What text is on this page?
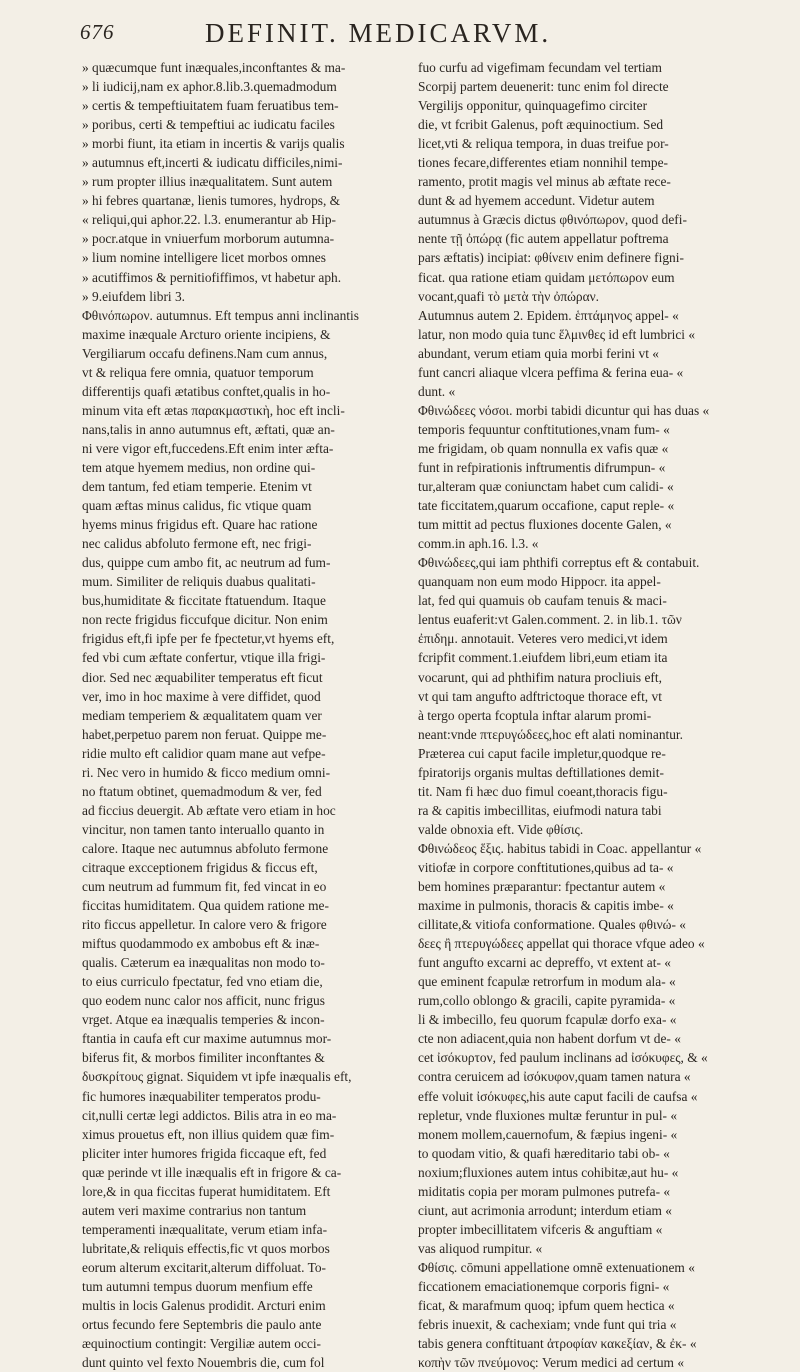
676	DEFINIT. MEDICARVM.
» quæcumque funt inæquales,inconftantes & ma-
» li iudicij,nam ex aphor.8.lib.3.quemadmodum
» certis & tempeftiuitatem fuam feruatibus tem-
» poribus, certi & tempeftiui ac iudicatu faciles
» morbi fiunt, ita etiam in incertis & varijs qualis
» autumnus eft,incerti & iudicatu difficiles,nimi-
» rum propter illius inæqualitatem. Sunt autem
» hi febres quartanæ, lienis tumores, hydrops, &
« reliqui,qui aphor.22. l.3. enumerantur ab Hip-
» pocr.atque in vniuerfum morborum autumna-
» lium nomine intelligere licet morbos omnes
» acutiffimos & pernitiofiffimos, vt habetur aph.
» 9.eiufdem libri 3.
Φθινόπωρον. autumnus. Eft tempus anni inclinantis
maxime inæquale Arcturo oriente incipiens, &
Vergiliarum occafu definens.Nam cum annus,
vt & reliqua fere omnia, quatuor temporum
differentijs quafi ætatibus conftet,qualis in ho-
minum vita eft ætas παρακμαστικὴ, hoc eft incli-
nans,talis in anno autumnus eft, æftati, quæ an-
ni vere vigor eft,fuccedens.Eft enim inter æfta-
tem atque hyemem medius, non ordine qui-
dem tantum, fed etiam temperie. Etenim vt
quam æftas minus calidus, fic vtique quam
hyems minus frigidus eft. Quare hac ratione
nec calidus abfoluto fermone eft, nec frigi-
dus, quippe cum ambo fit, ac neutrum ad fum-
mum. Similiter de reliquis duabus qualitati-
bus,humiditate & ficcitate ftatuendum. Itaque
non recte frigidus ficcufque dicitur. Non enim
frigidus eft,fi ipfe per fe fpectetur,vt hyems eft,
fed vbi cum æftate confertur, vtique illa frigi-
dior. Sed nec æquabiliter temperatus eft ficut
ver, imo in hoc maxime à vere diffidet, quod
mediam temperiem & æqualitatem quam ver
habet,perpetuo parem non feruat. Quippe me-
ridie multo eft calidior quam mane aut vefpe-
ri. Nec vero in humido & ficco medium omni-
no ftatum obtinet, quemadmodum & ver, fed
ad ficcius deuergit. Ab æftate vero etiam in hoc
vincitur, non tamen tanto interuallo quanto in
calore. Itaque nec autumnus abfoluto fermone
citraque excceptionem frigidus & ficcus eft,
cum neutrum ad fummum fit, fed vincat in eo
ficcitas humiditatem. Qua quidem ratione me-
rito ficcus appelletur. In calore vero & frigore
miftus quodammodo ex ambobus eft & inæ-
qualis. Cæterum ea inæqualitas non modo to-
to eius curriculo fpectatur, fed vno etiam die,
quo eodem nunc calor nos afficit, nunc frigus
vrget. Atque ea inæqualis temperies & incon-
ftantia in caufa eft cur maxime autumnus mor-
biferus fit, & morbos fimiliter inconftantes &
δυσκρίτους gignat. Siquidem vt ipfe inæqualis eft,
fic humores inæquabiliter temperatos produ-
cit,nulli certæ legi addictos. Bilis atra in eo ma-
ximus prouetus eft, non illius quidem quæ fim-
pliciter inter humores frigida ficcaque eft, fed
quæ perinde vt ille inæqualis eft in frigore & ca-
lore,& in qua ficcitas fuperat humiditatem. Eft
autem veri maxime contrarius non tantum
temperamenti inæqualitate, verum etiam infa-
lubritate,& reliquis effectis,fic vt quos morbos
eorum alterum excitarit,alterum diffoluat. To-
tum autumni tempus duorum menfium effe
multis in locis Galenus prodidit. Arcturi enim
ortus fecundo fere Septembris die paulo ante
æquinoctium contingit: Vergiliæ autem occi-
dunt quinto vel fexto Nouembris die, cum fol
fuo curfu ad vigefimam fecundam vel tertiam
Scorpij partem deuenerit: tunc enim fol directe
Vergilijs opponitur, quinquagefimo circiter
die, vt fcribit Galenus, poft æquinoctium. Sed
licet,vti & reliqua tempora, in duas treifue por-
tiones fecare,differentes etiam nonnihil tempe-
ramento, protit magis vel minus ab æftate rece-
dunt & ad hyemem accedunt. Videtur autem
autumnus à Græcis dictus φθινόπωρον, quod defi-
nente τῇ ὀπώρᾳ (fic autem appellatur poftrema
pars æftatis) incipiat: φθίνειν enim definere figni-
ficat. qua ratione etiam quidam μετόπωρον eum
vocant,quafi τὸ μετὰ τὴν ὀπώραν.
Autumnus autem 2. Epidem. ἑπτάμηνος appel- «
latur, non modo quia tunc ἕλμινθες id eft lumbrici «
abundant, verum etiam quia morbi ferini vt «
funt cancri aliaque vlcera peffima & ferina eua- «
dunt. «
Φθινώδεες νόσοι. morbi tabidi dicuntur qui has duas «
temporis fequuntur conftitutiones,vnam fum- «
me frigidam, ob quam nonnulla ex vafis quæ «
funt in refpirationis inftrumentis difrumpun- «
tur,alteram quæ coniunctam habet cum calidi- «
tate ficcitatem,quarum occafione, caput reple- «
tum mittit ad pectus fluxiones docente Galen, «
comm.in aph.16. l.3. «
Φθινώδεες,qui iam phthifi correptus eft & contabuit.
quanquam non eum modo Hippocr. ita appel-
lat, fed qui quamuis ob caufam tenuis & maci-
lentus euaferit:vt Galen.comment. 2. in lib.1. τῶν
ἐπιδημ. annotauit. Veteres vero medici,vt idem
fcripfit comment.1.eiufdem libri,eum etiam ita
vocarunt, qui ad phthifim natura procliuis eft,
vt qui tam angufto adftrictoque thorace eft, vt
à tergo operta fcoptula inftar alarum promi-
neant:vnde πτερυγώδεες,hoc eft alati nominantur.
Præterea cui caput facile impletur,quodque re-
fpiratorijs organis multas deftillationes demit-
tit. Nam fi hæc duo fimul coeant,thoracis figu-
ra & capitis imbecillitas, eiufmodi natura tabi
valde obnoxia eft. Vide φθίσις.
Φθινώδεος ἕξις. habitus tabidi in Coac. appellantur «
vitiofæ in corpore conftitutiones,quibus ad ta- «
bem homines præparantur: fpectantur autem «
maxime in pulmonis, thoracis & capitis imbe- «
cillitate,& vitiofa conformatione. Quales φθινώ- «
δεες ἢ πτερυγώδεες appellat qui thorace vfque adeo «
funt angufto excarni ac depreffo, vt extent at- «
que eminent fcapulæ retrorfum in modum ala- «
rum,collo oblongo & gracili, capite pyramida- «
li & imbecillo, feu quorum fcapulæ dorfo exa- «
cte non adiacent,quia non habent dorfum vt de- «
cet ἰσόκυρτον, fed paulum inclinans ad ἰσόκυφες, & «
contra ceruicem ad ἰσόκυφον,quam tamen natura «
effe voluit ἰσόκυφες,his aute caput facili de caufsa «
repletur, vnde fluxiones multæ feruntur in pul- «
monem mollem,cauernofum, & fæpius ingeni- «
to quodam vitio, & quafi hæreditario tabi ob- «
noxium;fluxiones autem intus cohibitæ,aut hu- «
miditatis copia per moram pulmones putrefa- «
ciunt, aut acrimonia arrodunt; interdum etiam «
propter imbecillitatem vifceris & anguftiam «
vas aliquod rumpitur. «
Φθίσις. cōmuni appellatione omnē extenuationem «
ficcationem emaciationemque corporis figni- «
ficat, & marafmum quoq; ipfum quem hectica «
febris inuexit, & cachexiam; vnde funt qui tria «
tabis genera conftituant ἀτροφίαν κακεξίαν, & ἐκ- «
κοπὴν τῶν πνεύμονος: Verum medici ad certum «
